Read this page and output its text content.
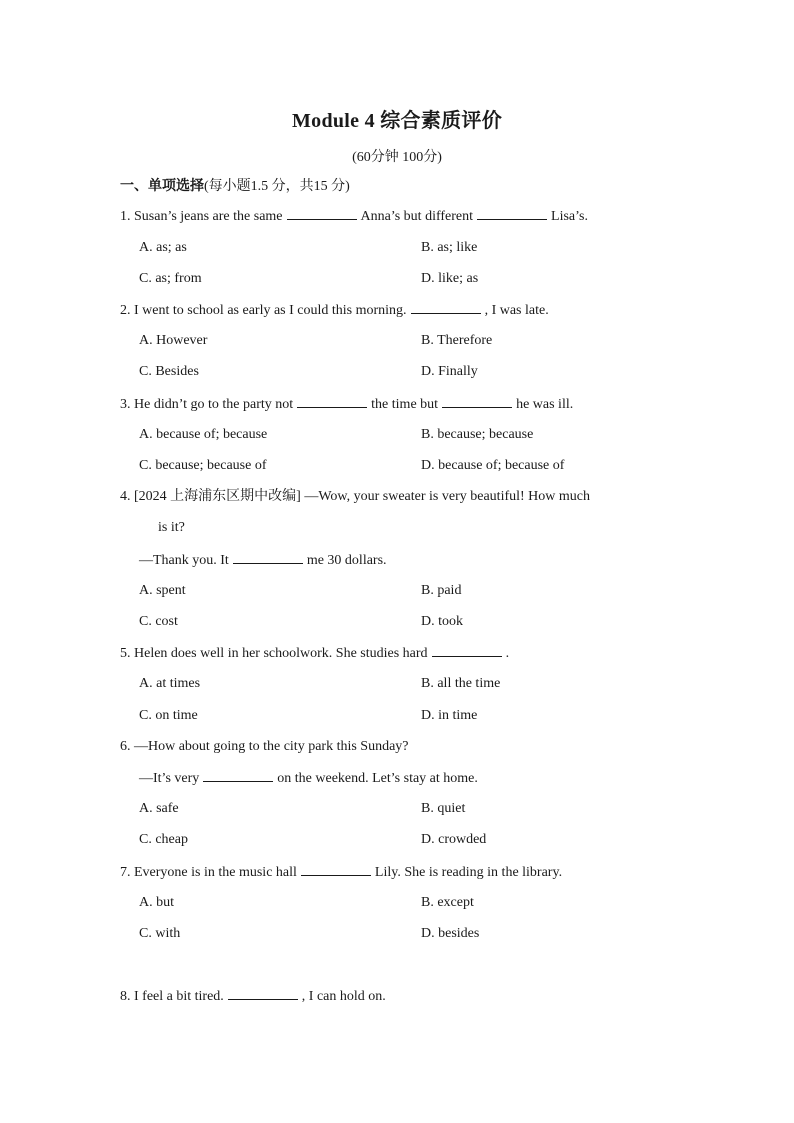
Module 4 综合素质评价
(60分钟 100分)
一、单项选择(每小题1.5 分，共15 分)
1. Susan’s jeans are the same	Anna’s but different	Lisa’s.
A. as; as	B. as; like
C. as; from	D. like; as
2. I went to school as early as I could this morning.	, I was late.
A. However	B. Therefore
C. Besides	D. Finally
3. He didn’t go to the party not	the time but	he was ill.
A. because of; because	B. because; because
C. because; because of	D. because of; because of
4. [2024 上海浦东区期中改编] —Wow, your sweater is very beautiful! How much
is it?
—Thank you. It	me 30 dollars.
A. spent	B. paid
C. cost	D. took
5. Helen does well in her schoolwork. She studies hard	.
A. at times	B. all the time
C. on time	D. in time
6. —How about going to the city park this Sunday?
—It’s very	on the weekend. Let’s stay at home.
A. safe	B. quiet
C. cheap	D. crowded
7. Everyone is in the music hall	Lily. She is reading in the library.
A. but	B. except
C. with	D. besides
8. I feel a bit tired.	, I can hold on.
